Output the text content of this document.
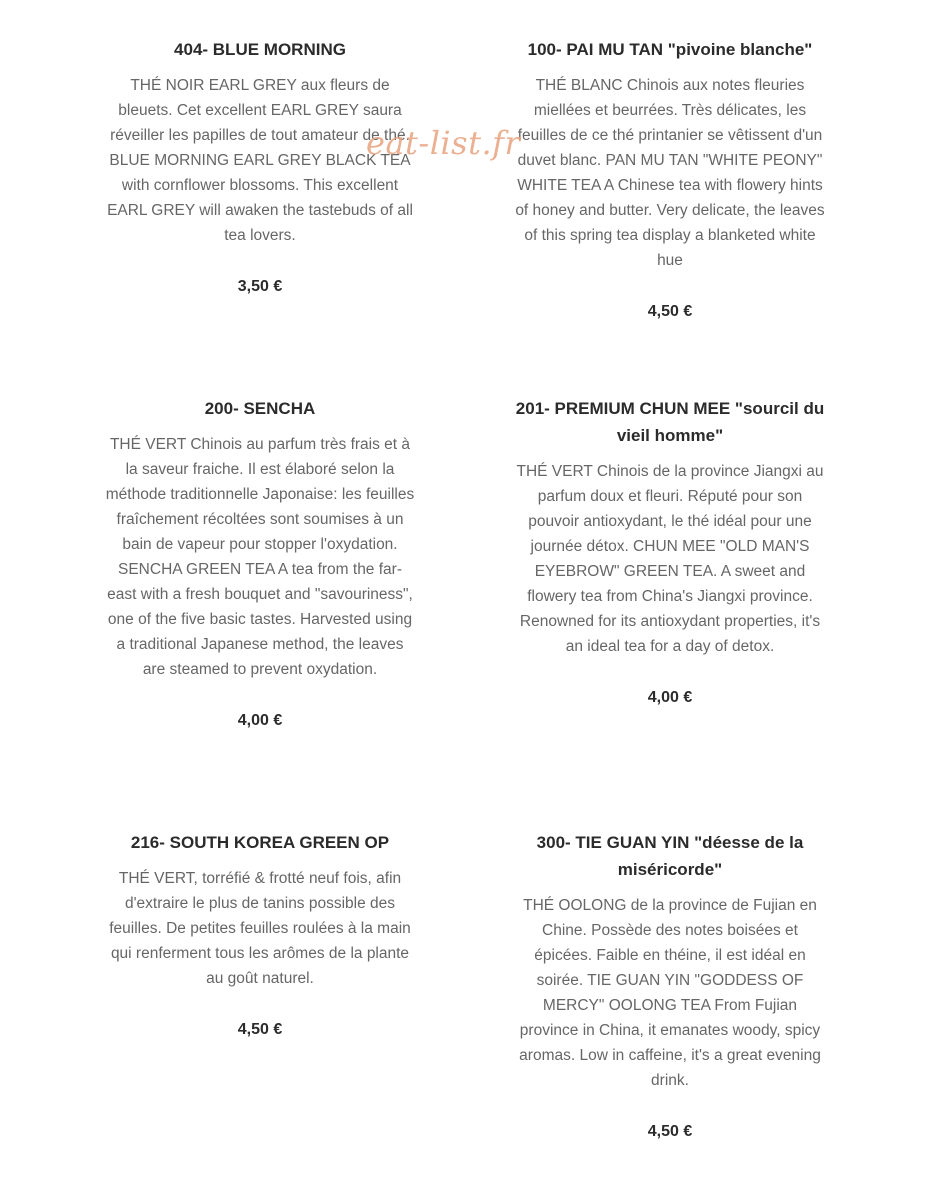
404- BLUE MORNING

THÉ NOIR EARL GREY aux fleurs de bleuets. Cet excellent EARL GREY saura réveiller les papilles de tout amateur de thé. BLUE MORNING EARL GREY BLACK TEA with cornflower blossoms. This excellent EARL GREY will awaken the tastebuds of all tea lovers.

3,50 €
100- PAI MU TAN "pivoine blanche"

THÉ BLANC Chinois aux notes fleuries miellées et beurrées. Très délicates, les feuilles de ce thé printanier se vêtissent d'un duvet blanc. PAN MU TAN "WHITE PEONY" WHITE TEA A Chinese tea with flowery hints of honey and butter. Very delicate, the leaves of this spring tea display a blanketed white hue

4,50 €
200- SENCHA

THÉ VERT Chinois au parfum très frais et à la saveur fraiche. Il est élaboré selon la méthode traditionnelle Japonaise: les feuilles fraîchement récoltées sont soumises à un bain de vapeur pour stopper l'oxydation. SENCHA GREEN TEA A tea from the far-east with a fresh bouquet and "savouriness", one of the five basic tastes. Harvested using a traditional Japanese method, the leaves are steamed to prevent oxydation.

4,00 €
201- PREMIUM CHUN MEE "sourcil du vieil homme"

THÉ VERT Chinois de la province Jiangxi au parfum doux et fleuri. Réputé pour son pouvoir antioxydant, le thé idéal pour une journée détox. CHUN MEE "OLD MAN'S EYEBROW" GREEN TEA. A sweet and flowery tea from China's Jiangxi province. Renowned for its antioxydant properties, it's an ideal tea for a day of detox.

4,00 €
216- SOUTH KOREA GREEN OP

THÉ VERT, torréfié & frotté neuf fois, afin d'extraire le plus de tanins possible des feuilles. De petites feuilles roulées à la main qui renferment tous les arômes de la plante au goût naturel.

4,50 €
300- TIE GUAN YIN "déesse de la miséricorde"

THÉ OOLONG de la province de Fujian en Chine. Possède des notes boisées et épicées. Faible en théine, il est idéal en soirée. TIE GUAN YIN "GODDESS OF MERCY" OOLONG TEA From Fujian province in China, it emanates woody, spicy aromas. Low in caffeine, it's a great evening drink.

4,50 €
eat-list.fr
